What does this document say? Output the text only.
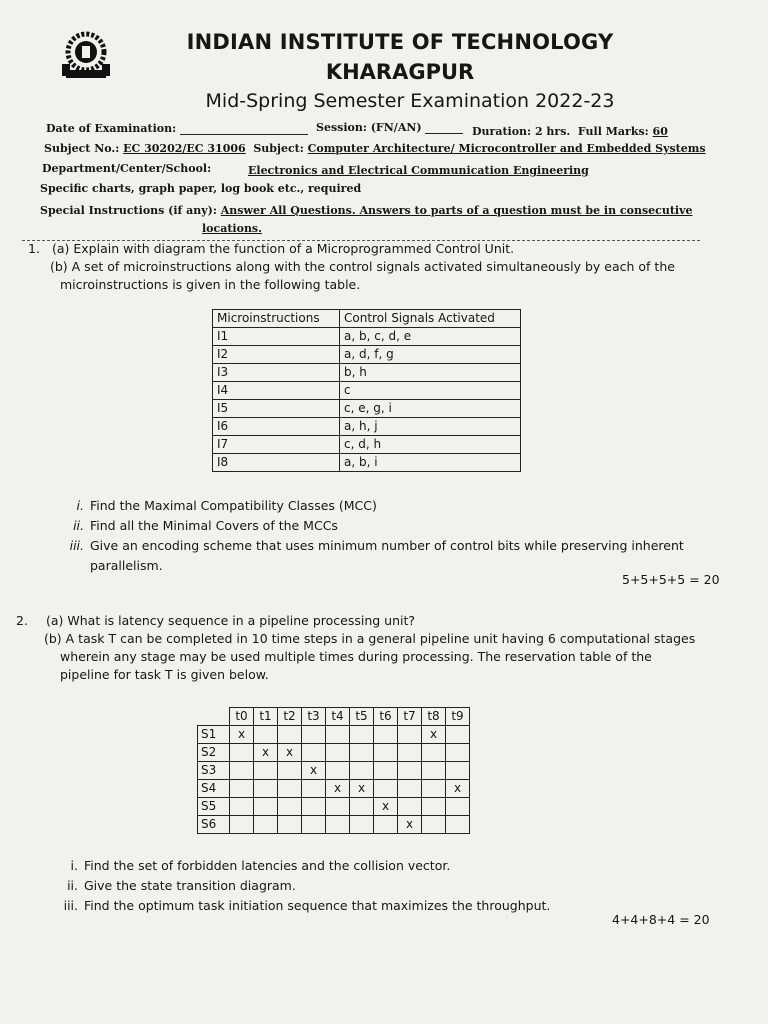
INDIAN INSTITUTE OF TECHNOLOGY
KHARAGPUR
Mid-Spring Semester Examination 2022-23
Date of Examination:	Session: (FN/AN)	Duration: 2 hrs. Full Marks: 60
Subject No.: EC 30202/EC 31006 Subject: Computer Architecture/ Microcontroller and Embedded Systems
Department/Center/School:	Electronics and Electrical Communication Engineering
Specific charts, graph paper, log book etc., required
Special Instructions (if any): Answer All Questions. Answers to parts of a question must be in consecutive
locations.
1. (a) Explain with diagram the function of a Microprogrammed Control Unit.
(b) A set of microinstructions along with the control signals activated simultaneously by each of the
microinstructions is given in the following table.
Microinstructions	Control Signals Activated
I1	a, b, c, d, e
I2	a, d, f, g
I3	b, h
I4	c
I5	c, e, g, i
I6	a, h, j
I7	c, d, h
I8	a, b, i
i. Find the Maximal Compatibility Classes (MCC)
ii. Find all the Minimal Covers of the MCCs
iii. Give an encoding scheme that uses minimum number of control bits while preserving inherent
parallelism.
5+5+5+5 = 20
2.	(a) What is latency sequence in a pipeline processing unit?
(b) A task T can be completed in 10 time steps in a general pipeline unit having 6 computational stages
wherein any stage may be used multiple times during processing. The reservation table of the
pipeline for task T is given below.
	t0	t1	t2	t3	t4	t5	t6	t7	t8	t9
S1	x								x	
S2		x	x							
S3				x						
S4					x	x				x
S5							x			
S6								x		
i. Find the set of forbidden latencies and the collision vector.
ii. Give the state transition diagram.
iii. Find the optimum task initiation sequence that maximizes the throughput.
4+4+8+4 = 20
